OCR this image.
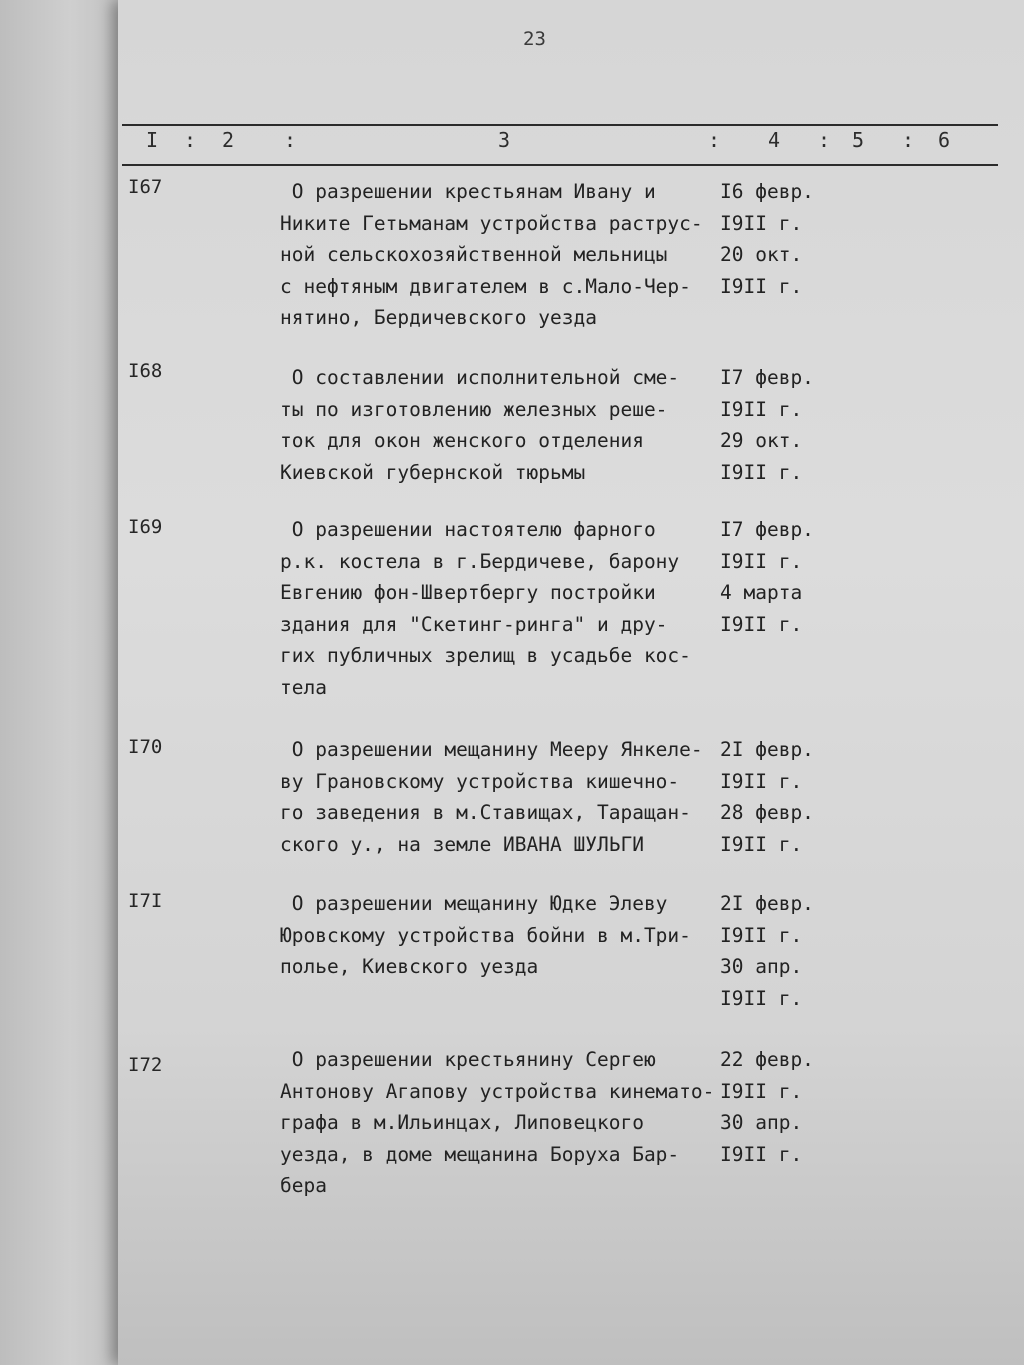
23
I : 2 :	3	: 4 : 5 : 6
I67	О разрешении крестьянам Ивану и
Никите Гетьманам устройства раструс-
ной сельскохозяйственной мельницы
с нефтяным двигателем в с.Мало-Чер-
нятино, Бердичевского уезда
I6 февр.
I9II г.
20 окт.
I9II г.
I68	О составлении исполнительной сме-
ты по изготовлению железных реше-
ток для окон женского отделения
Киевской губернской тюрьмы
I7 февр.
I9II г.
29 окт.
I9II г.
I69	О разрешении настоятелю фарного
р.к. костела в г.Бердичеве, барону
Евгению фон-Швертбергу постройки
здания для "Скетинг-ринга" и дру-
гих публичных зрелищ в усадьбе кос-
тела
I7 февр.
I9II г.
4 марта
I9II г.
I70	О разрешении мещанину Мееру Янкеле-
ву Грановскому устройства кишечно-
го заведения в м.Ставищах, Таращан-
ского у., на земле ИВАНА ШУЛЬГИ
2I февр.
I9II г.
28 февр.
I9II г.
I7I	О разрешении мещанину Юдке Элеву
Юровскому устройства бойни в м.Три-
полье, Киевского уезда
2I февр.
I9II г.
30 апр.
I9II г.
I72	О разрешении крестьянину Сергею
Антонову Агапову устройства кинемато-
графа в м.Ильинцах, Липовецкого
уезда, в доме мещанина Боруха Бар-
бера
22 февр.
I9II г.
30 апр.
I9II г.
